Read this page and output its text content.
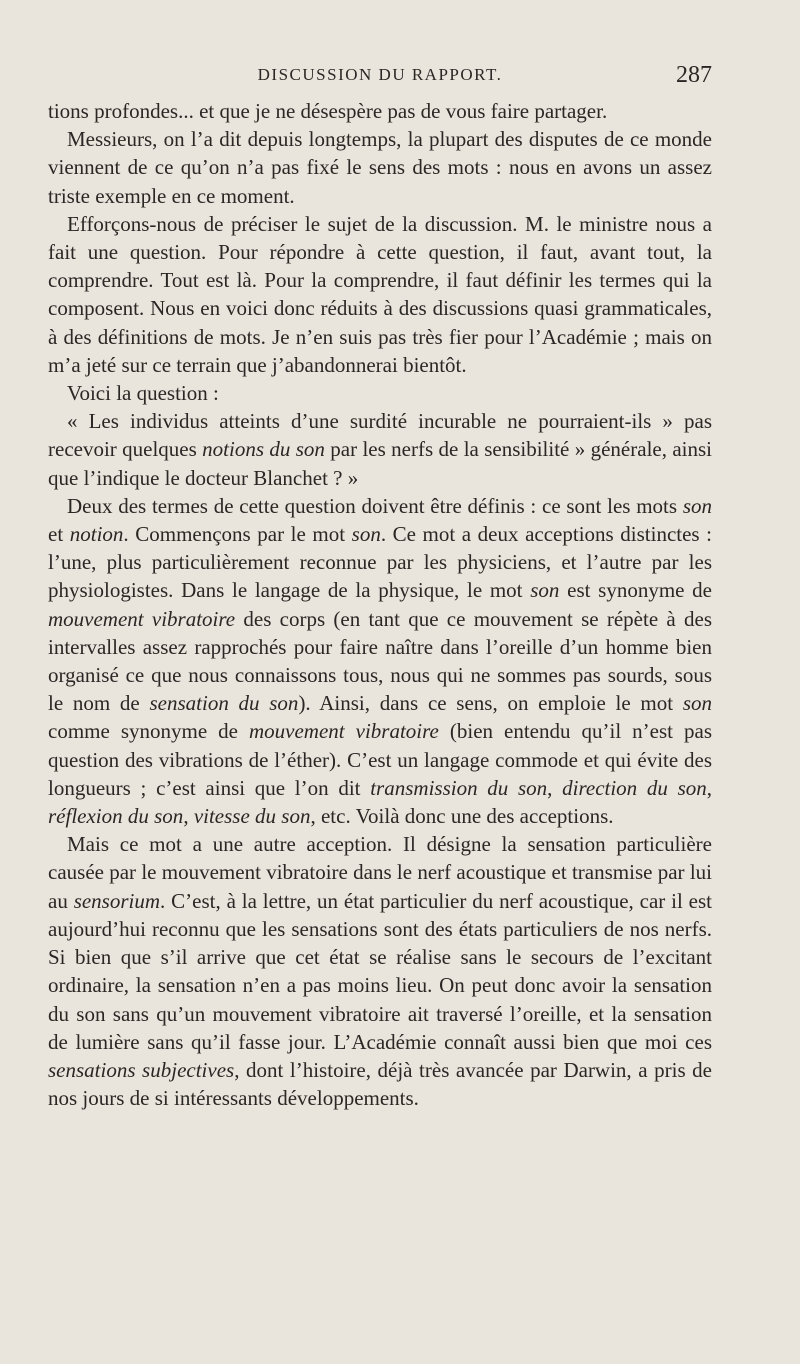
DISCUSSION DU RAPPORT.	287

tions profondes... et que je ne désespère pas de vous faire partager.

Messieurs, on l’a dit depuis longtemps, la plupart des disputes de ce monde viennent de ce qu’on n’a pas fixé le sens des mots : nous en avons un assez triste exemple en ce moment.

Efforçons-nous de préciser le sujet de la discussion. M. le ministre nous a fait une question. Pour répondre à cette question, il faut, avant tout, la comprendre. Tout est là. Pour la comprendre, il faut définir les termes qui la composent. Nous en voici donc réduits à des discussions quasi grammaticales, à des définitions de mots. Je n’en suis pas très fier pour l’Académie ; mais on m’a jeté sur ce terrain que j’abandonnerai bientôt.

Voici la question :

« Les individus atteints d’une surdité incurable ne pourraient-ils » pas recevoir quelques notions du son par les nerfs de la sensibilité » générale, ainsi que l’indique le docteur Blanchet ? »

Deux des termes de cette question doivent être définis : ce sont les mots son et notion. Commençons par le mot son. Ce mot a deux acceptions distinctes : l’une, plus particulièrement reconnue par les physiciens, et l’autre par les physiologistes. Dans le langage de la physique, le mot son est synonyme de mouvement vibratoire des corps (en tant que ce mouvement se répète à des intervalles assez rapprochés pour faire naître dans l’oreille d’un homme bien organisé ce que nous connaissons tous, nous qui ne sommes pas sourds, sous le nom de sensation du son). Ainsi, dans ce sens, on emploie le mot son comme synonyme de mouvement vibratoire (bien entendu qu’il n’est pas question des vibrations de l’éther). C’est un langage commode et qui évite des longueurs ; c’est ainsi que l’on dit transmission du son, direction du son, réflexion du son, vitesse du son, etc. Voilà donc une des acceptions.

Mais ce mot a une autre acception. Il désigne la sensation particulière causée par le mouvement vibratoire dans le nerf acoustique et transmise par lui au sensorium. C’est, à la lettre, un état particulier du nerf acoustique, car il est aujourd’hui reconnu que les sensations sont des états particuliers de nos nerfs. Si bien que s’il arrive que cet état se réalise sans le secours de l’excitant ordinaire, la sensation n’en a pas moins lieu. On peut donc avoir la sensation du son sans qu’un mouvement vibratoire ait traversé l’oreille, et la sensation de lumière sans qu’il fasse jour. L’Académie connaît aussi bien que moi ces sensations subjectives, dont l’histoire, déjà très avancée par Darwin, a pris de nos jours de si intéressants développements.
